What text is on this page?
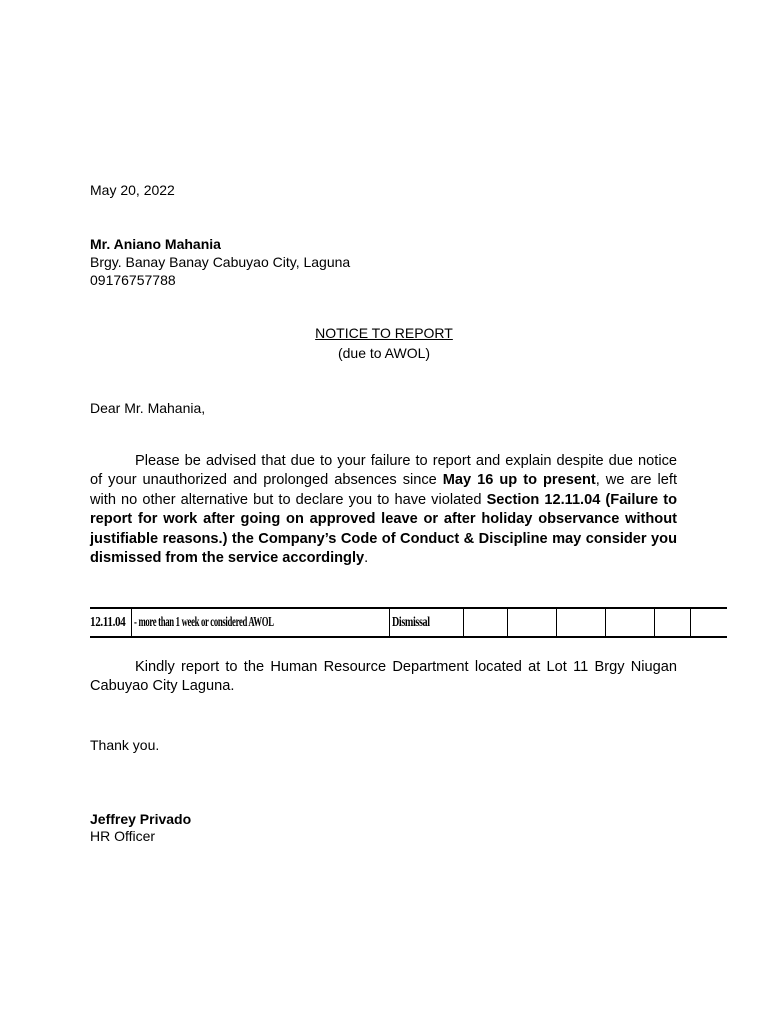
May 20, 2022
Mr. Aniano Mahania
Brgy. Banay Banay Cabuyao City, Laguna
09176757788
NOTICE TO REPORT
(due to AWOL)
Dear Mr. Mahania,
Please be advised that due to your failure to report and explain despite due notice of your unauthorized and prolonged absences since May 16 up to present, we are left with no other alternative but to declare you to have violated Section 12.11.04 (Failure to report for work after going on approved leave or after holiday observance without justifiable reasons.) the Company’s Code of Conduct & Discipline may consider you dismissed from the service accordingly.
12.11.04	- more than 1 week or considered AWOL	Dismissal						
Kindly report to the Human Resource Department located at Lot 11 Brgy Niugan Cabuyao City Laguna.
Thank you.
Jeffrey Privado
HR Officer
